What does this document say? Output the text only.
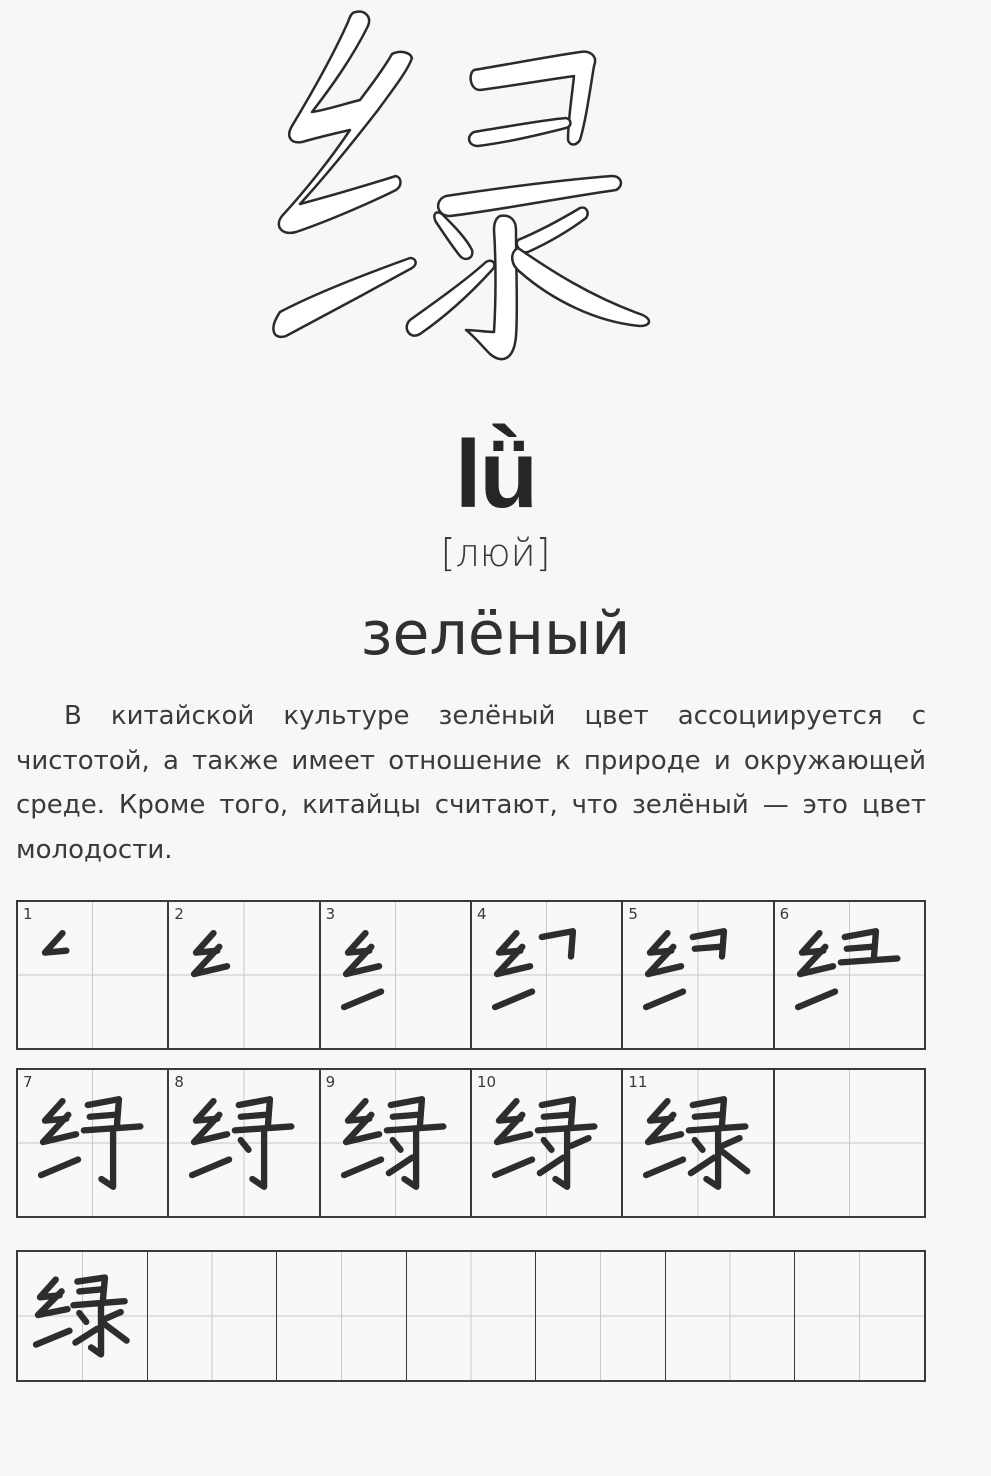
lǜ
[люй]
зелёный

В китайской культуре зелёный цвет ассоциируется с чистотой, а также имеет отношение к природе и окружающей среде. Кроме того, китайцы считают, что зелёный — это цвет молодости.

1	2	3	4	5	6
7	8	9	10	11
